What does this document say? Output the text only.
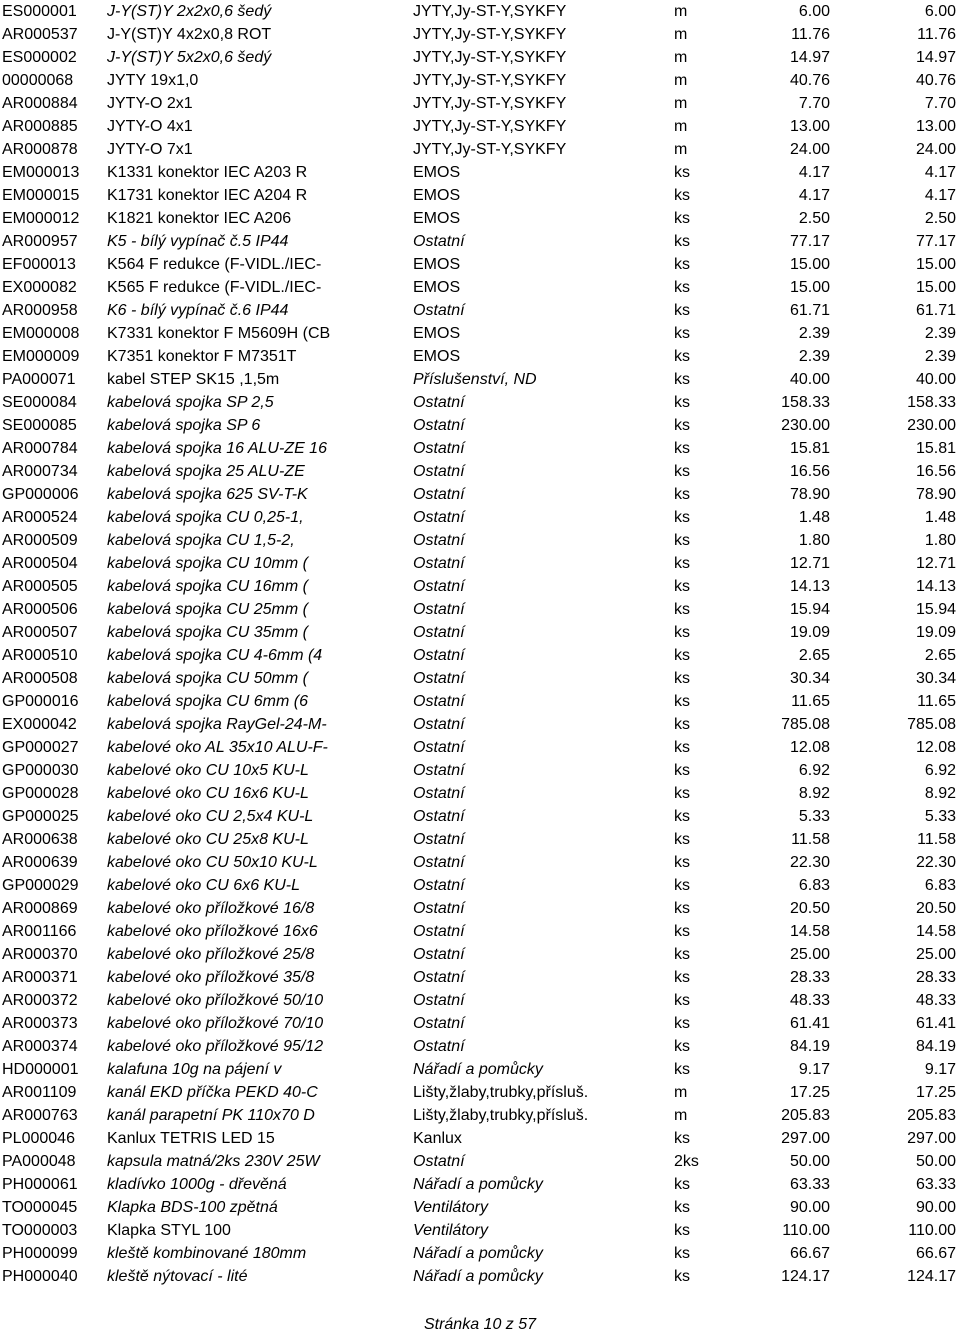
ES000001 J-Y(ST)Y 2x2x0,6 šedý	JYTY,Jy-ST-Y,SYKFY	m	6.00	6.00
AR000537 J-Y(ST)Y 4x2x0,8 ROT	JYTY,Jy-ST-Y,SYKFY	m	11.76	11.76
ES000002 J-Y(ST)Y 5x2x0,6 šedý	JYTY,Jy-ST-Y,SYKFY	m	14.97	14.97
00000068 JYTY 19x1,0	JYTY,Jy-ST-Y,SYKFY	m	40.76	40.76
AR000884 JYTY-O 2x1	JYTY,Jy-ST-Y,SYKFY	m	7.70	7.70
AR000885 JYTY-O 4x1	JYTY,Jy-ST-Y,SYKFY	m	13.00	13.00
AR000878 JYTY-O 7x1	JYTY,Jy-ST-Y,SYKFY	m	24.00	24.00
EM000013 K1331 konektor IEC A203 R	EMOS	ks	4.17	4.17
EM000015 K1731 konektor IEC A204 R	EMOS	ks	4.17	4.17
EM000012 K1821 konektor IEC A206	EMOS	ks	2.50	2.50
AR000957 K5 - bílý vypínač č.5 IP44	Ostatní	ks	77.17	77.17
EF000013 K564 F redukce (F-VIDL./IEC-	EMOS	ks	15.00	15.00
EX000082 K565 F redukce (F-VIDL./IEC-	EMOS	ks	15.00	15.00
AR000958 K6 - bílý vypínač č.6 IP44	Ostatní	ks	61.71	61.71
EM000008 K7331 konektor F M5609H (CB	EMOS	ks	2.39	2.39
EM000009 K7351 konektor F M7351T	EMOS	ks	2.39	2.39
PA000071 kabel STEP SK15 ,1,5m	Příslušenství, ND	ks	40.00	40.00
SE000084 kabelová spojka SP 2,5	Ostatní	ks	158.33	158.33
SE000085 kabelová spojka SP 6	Ostatní	ks	230.00	230.00
AR000784 kabelová spojka 16 ALU-ZE 16	Ostatní	ks	15.81	15.81
AR000734 kabelová spojka 25 ALU-ZE	Ostatní	ks	16.56	16.56
GP000006 kabelová spojka 625 SV-T-K	Ostatní	ks	78.90	78.90
AR000524 kabelová spojka CU 0,25-1,	Ostatní	ks	1.48	1.48
AR000509 kabelová spojka CU 1,5-2,	Ostatní	ks	1.80	1.80
AR000504 kabelová spojka CU 10mm (	Ostatní	ks	12.71	12.71
AR000505 kabelová spojka CU 16mm (	Ostatní	ks	14.13	14.13
AR000506 kabelová spojka CU 25mm (	Ostatní	ks	15.94	15.94
AR000507 kabelová spojka CU 35mm (	Ostatní	ks	19.09	19.09
AR000510 kabelová spojka CU 4-6mm (4	Ostatní	ks	2.65	2.65
AR000508 kabelová spojka CU 50mm (	Ostatní	ks	30.34	30.34
GP000016 kabelová spojka CU 6mm (6	Ostatní	ks	11.65	11.65
EX000042 kabelová spojka RayGel-24-M-	Ostatní	ks	785.08	785.08
GP000027 kabelové oko AL 35x10 ALU-F-	Ostatní	ks	12.08	12.08
GP000030 kabelové oko CU 10x5 KU-L	Ostatní	ks	6.92	6.92
GP000028 kabelové oko CU 16x6 KU-L	Ostatní	ks	8.92	8.92
GP000025 kabelové oko CU 2,5x4 KU-L	Ostatní	ks	5.33	5.33
AR000638 kabelové oko CU 25x8 KU-L	Ostatní	ks	11.58	11.58
AR000639 kabelové oko CU 50x10 KU-L	Ostatní	ks	22.30	22.30
GP000029 kabelové oko CU 6x6 KU-L	Ostatní	ks	6.83	6.83
AR000869 kabelové oko příložkové 16/8	Ostatní	ks	20.50	20.50
AR001166 kabelové oko příložkové 16x6	Ostatní	ks	14.58	14.58
AR000370 kabelové oko příložkové 25/8	Ostatní	ks	25.00	25.00
AR000371 kabelové oko příložkové 35/8	Ostatní	ks	28.33	28.33
AR000372 kabelové oko příložkové 50/10	Ostatní	ks	48.33	48.33
AR000373 kabelové oko příložkové 70/10	Ostatní	ks	61.41	61.41
AR000374 kabelové oko příložkové 95/12	Ostatní	ks	84.19	84.19
HD000001 kalafuna 10g na pájení v	Nářadí a pomůcky	ks	9.17	9.17
AR001109 kanál EKD příčka PEKD 40-C	Lišty,žlaby,trubky,přísluš.	m	17.25	17.25
AR000763 kanál parapetní PK 110x70 D	Lišty,žlaby,trubky,přísluš.	m	205.83	205.83
PL000046 Kanlux TETRIS LED 15	Kanlux	ks	297.00	297.00
PA000048 kapsula matná/2ks 230V 25W	Ostatní	2ks	50.00	50.00
PH000061 kladívko 1000g - dřevěná	Nářadí a pomůcky	ks	63.33	63.33
TO000045 Klapka BDS-100 zpětná	Ventilátory	ks	90.00	90.00
TO000003 Klapka STYL 100	Ventilátory	ks	110.00	110.00
PH000099 kleště kombinované 180mm	Nářadí a pomůcky	ks	66.67	66.67
PH000040 kleště nýtovací - lité	Nářadí a pomůcky	ks	124.17	124.17
Stránka 10 z 57
